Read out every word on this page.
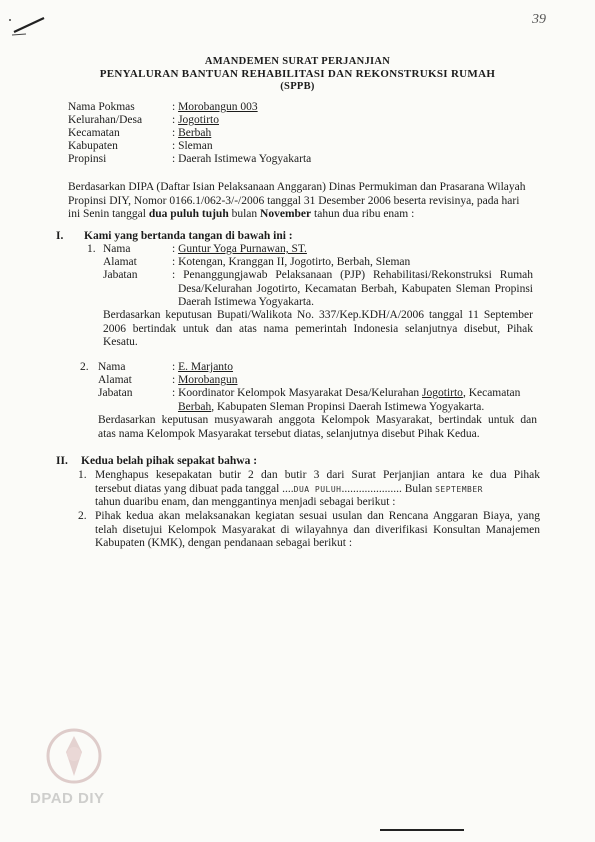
39
AMANDEMEN SURAT PERJANJIAN
PENYALURAN BANTUAN REHABILITASI DAN REKONSTRUKSI RUMAH
(SPPB)
Nama Pokmas	: Morobangun 003
Kelurahan/Desa	: Jogotirto
Kecamatan	: Berbah
Kabupaten	: Sleman
Propinsi	: Daerah Istimewa Yogyakarta
Berdasarkan DIPA (Daftar Isian Pelaksanaan Anggaran) Dinas Permukiman dan Prasarana Wilayah
Propinsi DIY, Nomor 0166.1/062-3/-/2006 tanggal 31 Desember 2006 beserta revisinya, pada hari
ini Senin tanggal dua puluh tujuh bulan November tahun dua ribu enam :
I. Kami yang bertanda tangan di bawah ini :
1. Nama	: Guntur Yoga Purnawan, ST.
Alamat	: Kotengan, Kranggan II, Jogotirto, Berbah, Sleman
Jabatan	: Penanggungjawab Pelaksanaan (PJP) Rehabilitasi/Rekonstruksi Rumah
Desa/Kelurahan Jogotirto, Kecamatan Berbah, Kabupaten Sleman Propinsi
Daerah Istimewa Yogyakarta.
Berdasarkan keputusan Bupati/Walikota No. 337/Kep.KDH/A/2006 tanggal 11 September
2006 bertindak untuk dan atas nama pemerintah Indonesia selanjutnya disebut, Pihak
Kesatu.
2. Nama	: E. Marjanto
Alamat	: Morobangun
Jabatan	: Koordinator Kelompok Masyarakat Desa/Kelurahan Jogotirto, Kecamatan
Berbah, Kabupaten Sleman Propinsi Daerah Istimewa Yogyakarta.
Berdasarkan keputusan musyawarah anggota Kelompok Masyarakat, bertindak untuk dan
atas nama Kelompok Masyarakat tersebut diatas, selanjutnya disebut Pihak Kedua.
II. Kedua belah pihak sepakat bahwa :
1. Menghapus kesepakatan butir 2 dan butir 3 dari Surat Perjanjian antara ke dua Pihak
tersebut diatas yang dibuat pada tanggal ....DUA PULUH..................... Bulan SEPTEMBER
tahun duaribu enam, dan menggantinya menjadi sebagai berikut :
2. Pihak kedua akan melaksanakan kegiatan sesuai usulan dan Rencana Anggaran Biaya, yang
telah disetujui Kelompok Masyarakat di wilayahnya dan diverifikasi Konsultan Manajemen
Kabupaten (KMK), dengan pendanaan sebagai berikut :
DPAD DIY
